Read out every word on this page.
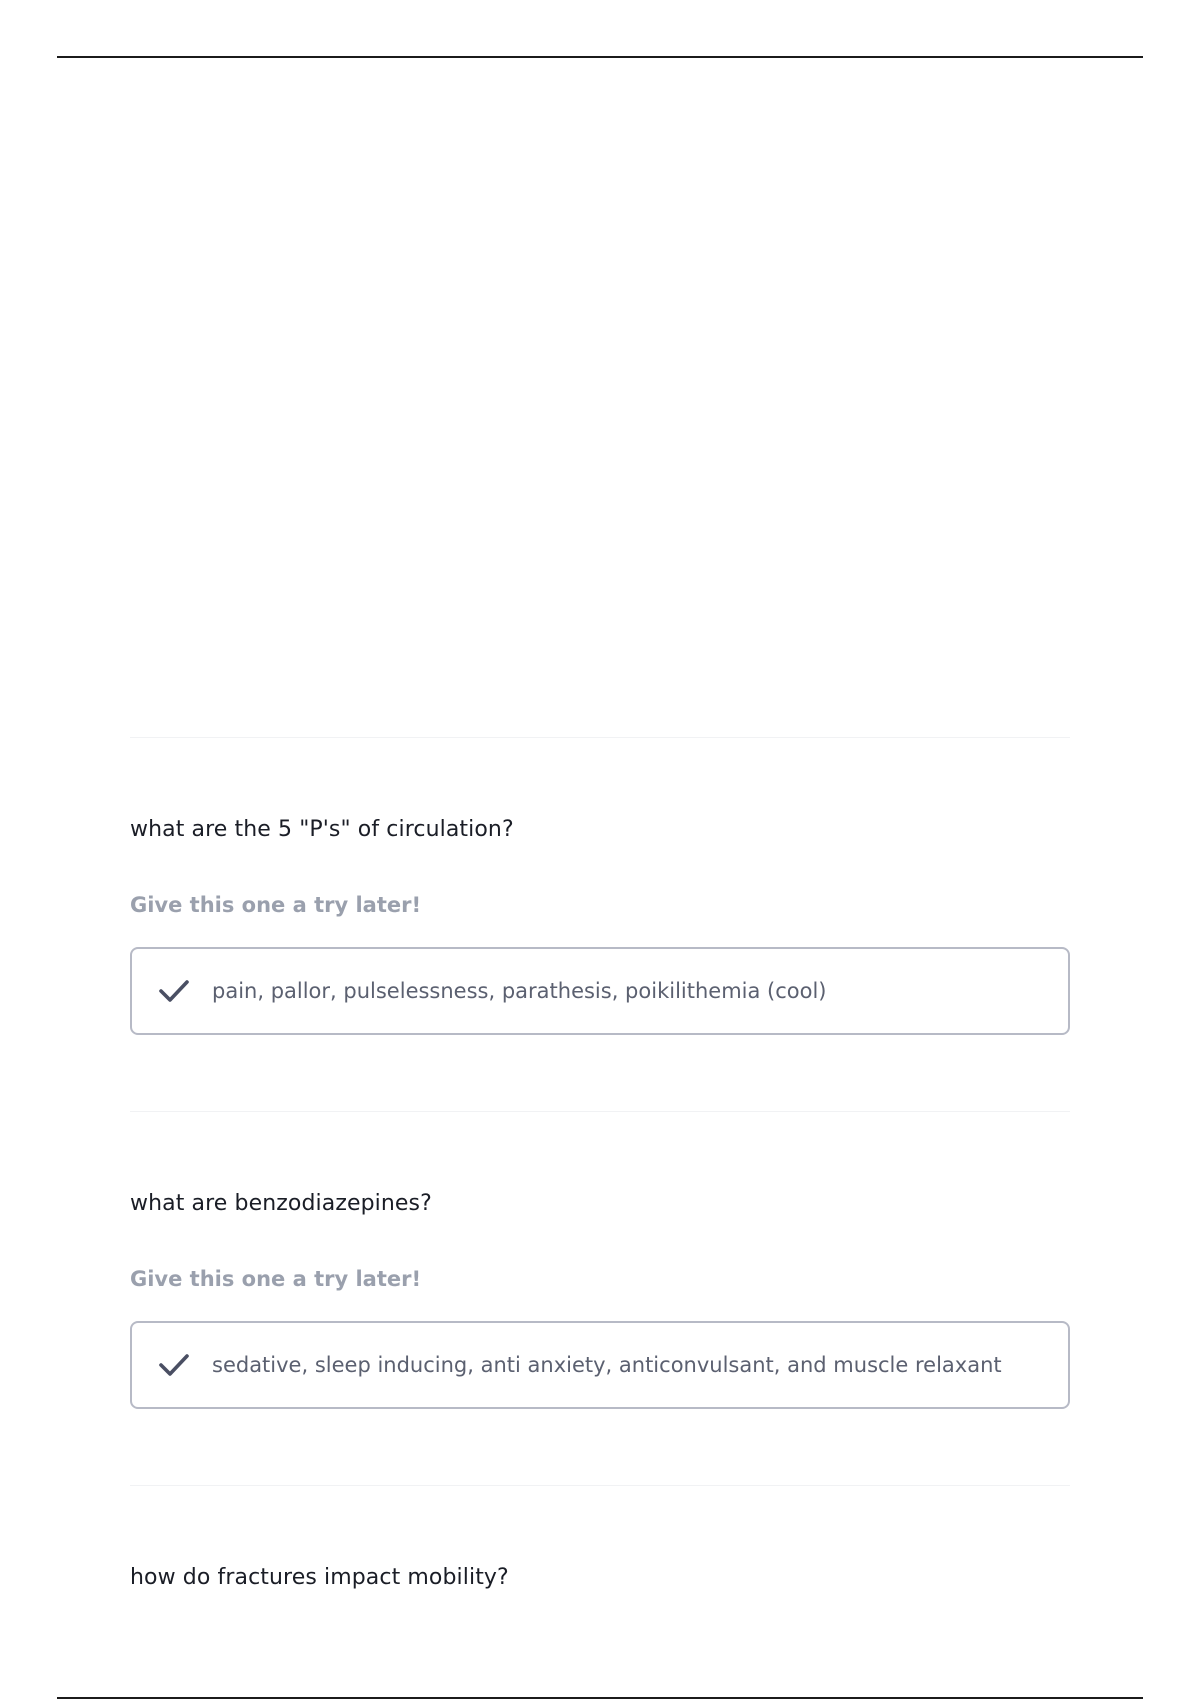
what are the 5 "P's" of circulation?
Give this one a try later!
pain, pallor, pulselessness, parathesis, poikilithemia (cool)
what are benzodiazepines?
Give this one a try later!
sedative, sleep inducing, anti anxiety, anticonvulsant, and muscle relaxant
how do fractures impact mobility?
